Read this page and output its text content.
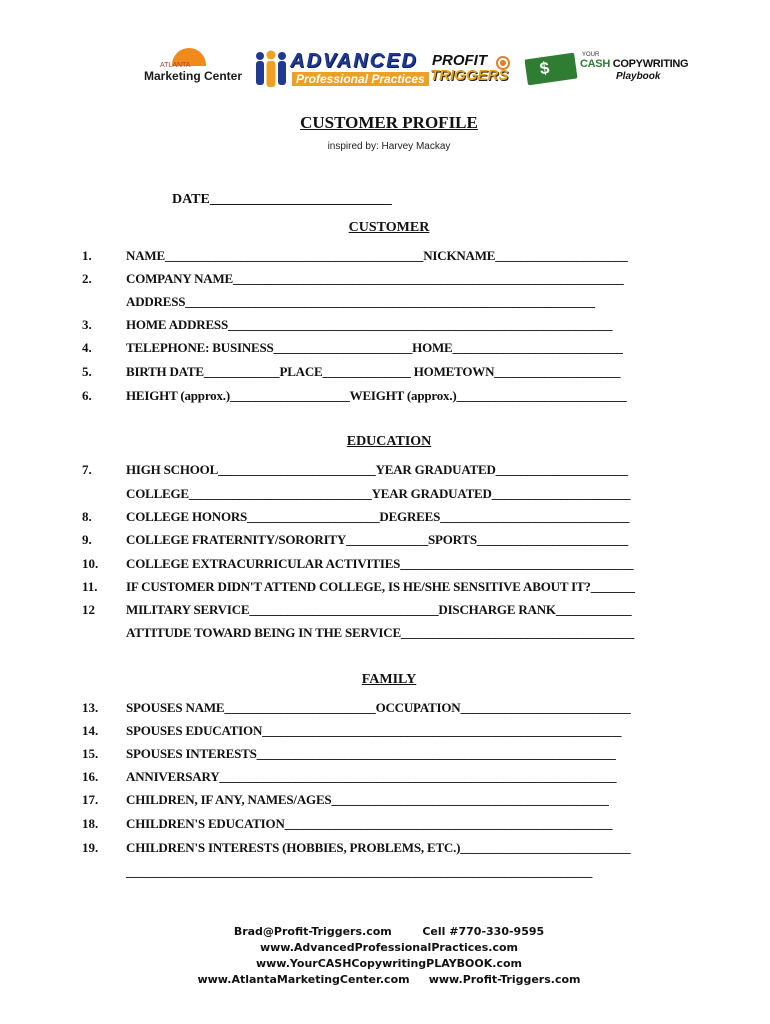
ATLANTA
Marketing Center
ADVANCED
Professional Practices
PROFIT
TRIGGERS $
YOUR
CASH COPYWRITING
Playbook
CUSTOMER PROFILE
inspired by: Harvey Mackay
DATE__________________________
CUSTOMER
1.	NAME_________________________________________NICKNAME_____________________
2.	COMPANY NAME______________________________________________________________
ADDRESS_________________________________________________________________
3.	HOME ADDRESS_____________________________________________________________
4.	TELEPHONE: BUSINESS______________________HOME___________________________
5.	BIRTH DATE____________PLACE______________ HOMETOWN____________________
6.	HEIGHT (approx.)___________________WEIGHT (approx.)___________________________
EDUCATION
7.	HIGH SCHOOL_________________________YEAR GRADUATED_____________________
COLLEGE_____________________________YEAR GRADUATED______________________
8.	COLLEGE HONORS_____________________DEGREES______________________________
9.	COLLEGE FRATERNITY/SORORITY_____________SPORTS________________________
10. COLLEGE EXTRACURRICULAR ACTIVITIES_____________________________________
11. IF CUSTOMER DIDN'T ATTEND COLLEGE, IS HE/SHE SENSITIVE ABOUT IT?_______
12 MILITARY SERVICE______________________________DISCHARGE RANK____________
ATTITUDE TOWARD BEING IN THE SERVICE_____________________________________
FAMILY
13. SPOUSES NAME________________________OCCUPATION___________________________
14. SPOUSES EDUCATION_________________________________________________________
15. SPOUSES INTERESTS_________________________________________________________
16. ANNIVERSARY_______________________________________________________________
17. CHILDREN, IF ANY, NAMES/AGES____________________________________________
18. CHILDREN'S EDUCATION____________________________________________________
19. CHILDREN'S INTERESTS (HOBBIES, PROBLEMS, ETC.)___________________________
__________________________________________________________________________
Brad@Profit-Triggers.com        Cell #770-330-9595
www.AdvancedProfessionalPractices.com
www.YourCASHCopywritingPLAYBOOK.com
www.AtlantaMarketingCenter.com     www.Profit-Triggers.com
